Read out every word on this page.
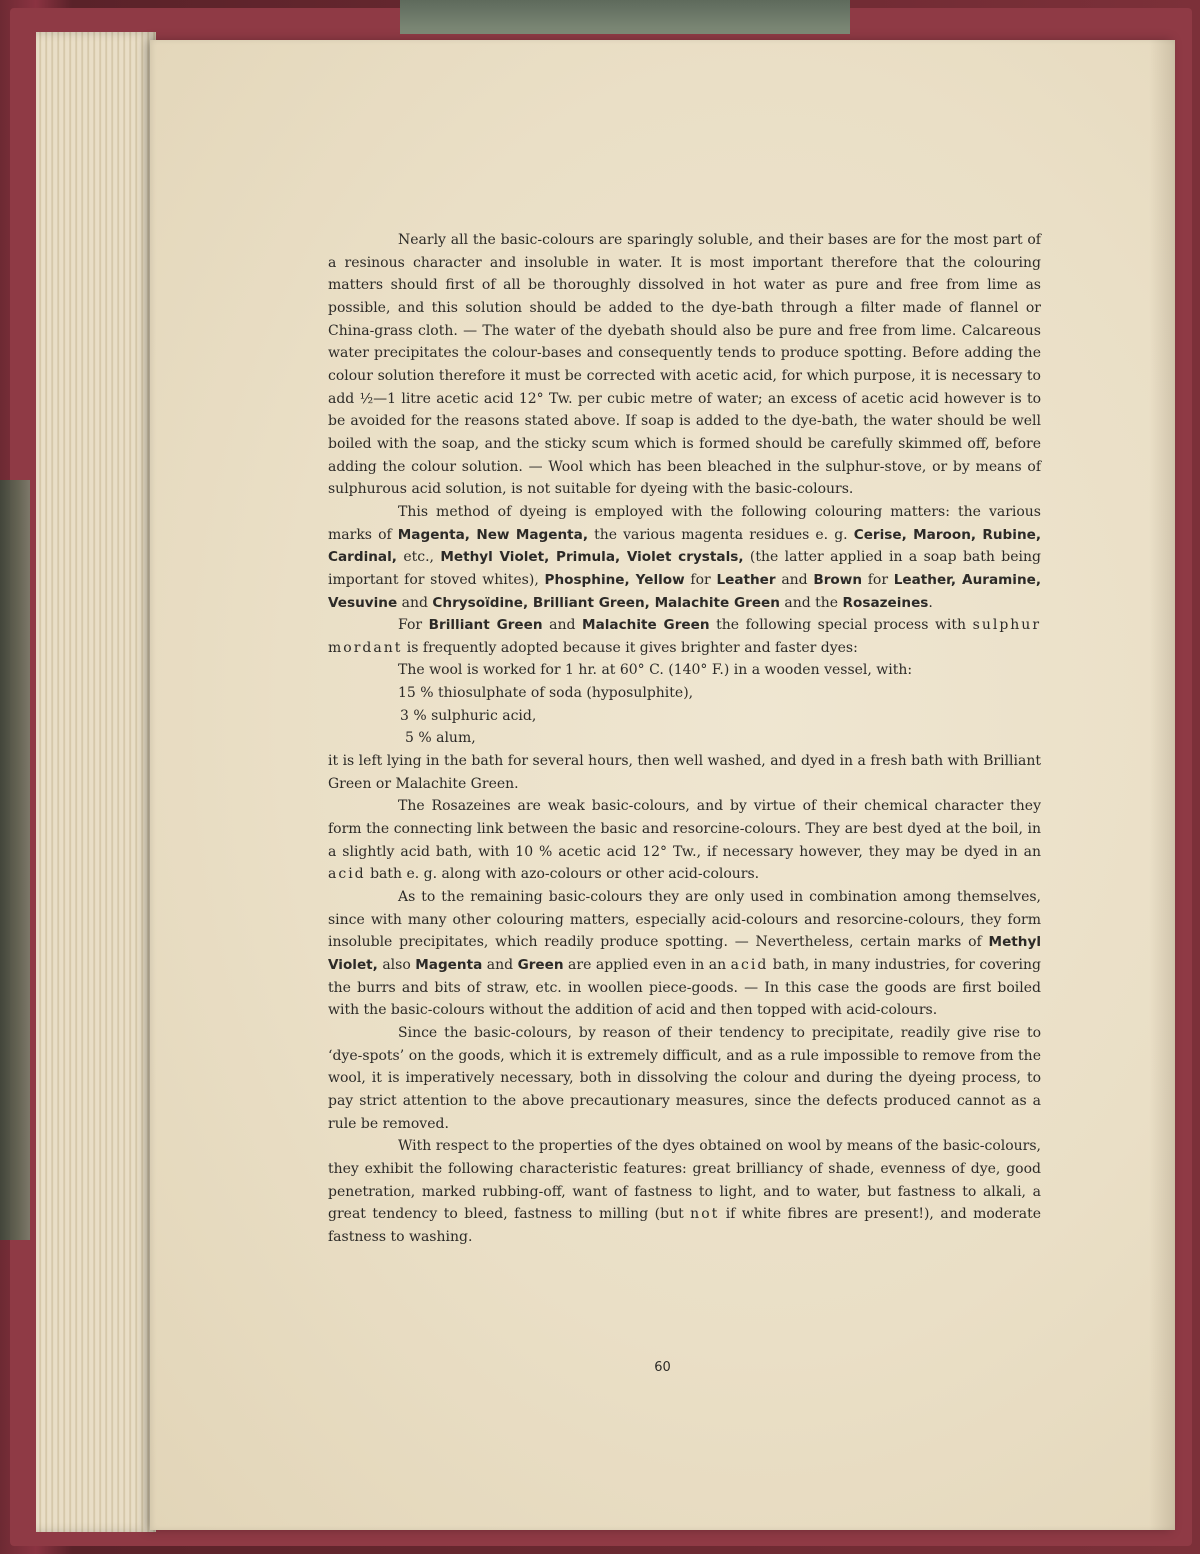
Nearly all the basic-colours are sparingly soluble, and their bases are for the most part of a resinous character and insoluble in water. It is most important therefore that the colouring matters should first of all be thoroughly dissolved in hot water as pure and free from lime as possible, and this solution should be added to the dye-bath through a filter made of flannel or China-grass cloth. — The water of the dyebath should also be pure and free from lime. Calcareous water precipitates the colour-bases and consequently tends to produce spotting. Before adding the colour solution therefore it must be corrected with acetic acid, for which purpose, it is necessary to add ½—1 litre acetic acid 12° Tw. per cubic metre of water; an excess of acetic acid however is to be avoided for the reasons stated above. If soap is added to the dye-bath, the water should be well boiled with the soap, and the sticky scum which is formed should be carefully skimmed off, before adding the colour solution. — Wool which has been bleached in the sulphur-stove, or by means of sulphurous acid solution, is not suitable for dyeing with the basic-colours.

This method of dyeing is employed with the following colouring matters: the various marks of Magenta, New Magenta, the various magenta residues e. g. Cerise, Maroon, Rubine, Cardinal, etc., Methyl Violet, Primula, Violet crystals, (the latter applied in a soap bath being important for stoved whites), Phosphine, Yellow for Leather and Brown for Leather, Auramine, Vesuvine and Chrysoïdine, Brilliant Green, Malachite Green and the Rosazeines.

For Brilliant Green and Malachite Green the following special process with sulphur mordant is frequently adopted because it gives brighter and faster dyes:

The wool is worked for 1 hr. at 60° C. (140° F.) in a wooden vessel, with:

15 % thiosulphate of soda (hyposulphite),

3 % sulphuric acid,

5 % alum,

it is left lying in the bath for several hours, then well washed, and dyed in a fresh bath with Brilliant Green or Malachite Green.

The Rosazeines are weak basic-colours, and by virtue of their chemical character they form the connecting link between the basic and resorcine-colours. They are best dyed at the boil, in a slightly acid bath, with 10 % acetic acid 12° Tw., if necessary however, they may be dyed in an acid bath e. g. along with azo-colours or other acid-colours.

As to the remaining basic-colours they are only used in combination among themselves, since with many other colouring matters, especially acid-colours and resorcine-colours, they form insoluble precipitates, which readily produce spotting. — Nevertheless, certain marks of Methyl Violet, also Magenta and Green are applied even in an acid bath, in many industries, for covering the burrs and bits of straw, etc. in woollen piece-goods. — In this case the goods are first boiled with the basic-colours without the addition of acid and then topped with acid-colours.

Since the basic-colours, by reason of their tendency to precipitate, readily give rise to ‘dye-spots’ on the goods, which it is extremely difficult, and as a rule impossible to remove from the wool, it is imperatively necessary, both in dissolving the colour and during the dyeing process, to pay strict attention to the above precautionary measures, since the defects produced cannot as a rule be removed.

With respect to the properties of the dyes obtained on wool by means of the basic-colours, they exhibit the following characteristic features: great brilliancy of shade, evenness of dye, good penetration, marked rubbing-off, want of fastness to light, and to water, but fastness to alkali, a great tendency to bleed, fastness to milling (but not if white fibres are present!), and moderate fastness to washing.

60
